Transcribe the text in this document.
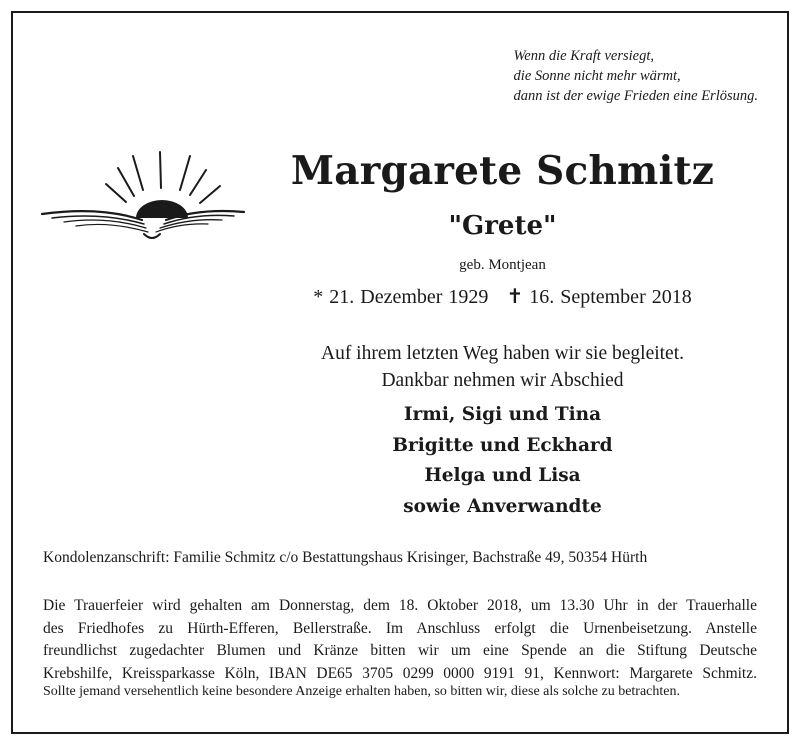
Wenn die Kraft versiegt,
die Sonne nicht mehr wärmt,
dann ist der ewige Frieden eine Erlösung.
Margarete Schmitz
"Grete"
geb. Montjean
* 21. Dezember 1929 ✝ 16. September 2018
Auf ihrem letzten Weg haben wir sie begleitet.
Dankbar nehmen wir Abschied
Irmi, Sigi und Tina
Brigitte und Eckhard
Helga und Lisa
sowie Anverwandte
Kondolenzanschrift: Familie Schmitz c/o Bestattungshaus Krisinger, Bachstraße 49, 50354 Hürth
Die Trauerfeier wird gehalten am Donnerstag, dem 18. Oktober 2018, um 13.30 Uhr in der Trauerhalle
des Friedhofes zu Hürth-Efferen, Bellerstraße. Im Anschluss erfolgt die Urnenbeisetzung. Anstelle
freundlichst zugedachter Blumen und Kränze bitten wir um eine Spende an die Stiftung Deutsche
Krebshilfe, Kreissparkasse Köln, IBAN DE65 3705 0299 0000 9191 91, Kennwort: Margarete Schmitz.
Sollte jemand versehentlich keine besondere Anzeige erhalten haben, so bitten wir, diese als solche zu betrachten.
